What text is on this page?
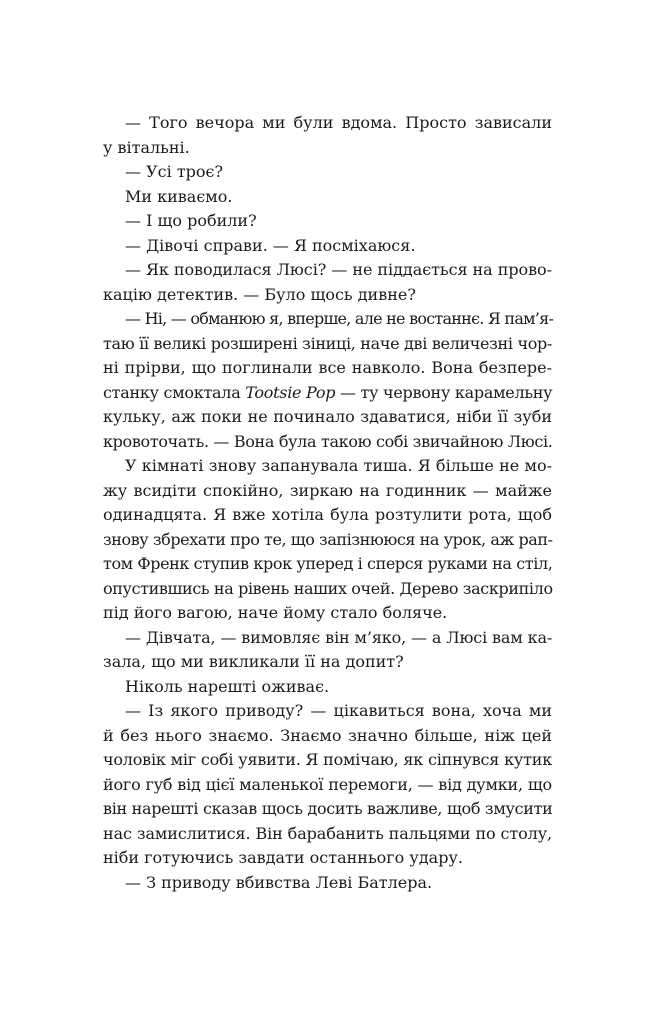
— Того вечора ми були вдома. Просто зависали
у вітальні.
— Усі троє?
Ми киваємо.
— І що робили?
— Дівочі справи. — Я посміхаюся.
— Як поводилася Люсі? — не піддається на прово-
кацію детектив. — Було щось дивне?
— Ні, — обманюю я, вперше, але не востаннє. Я пам’я-
таю її великі розширені зіниці, наче дві величезні чор-
ні прірви, що поглинали все навколо. Вона безпере-
станку смоктала Tootsie Pop — ту червону карамельну
кульку, аж поки не починало здаватися, ніби її зуби
кровоточать. — Вона була такою собі звичайною Люсі.
У кімнаті знову запанувала тиша. Я більше не мо-
жу всидіти спокійно, зиркаю на годинник — майже
одинадцята. Я вже хотіла була розтулити рота, щоб
знову збрехати про те, що запізнююся на урок, аж рап-
том Френк ступив крок уперед і сперся руками на стіл,
опустившись на рівень наших очей. Дерево заскрипіло
під його вагою, наче йому стало боляче.
— Дівчата, — вимовляє він м’яко, — а Люсі вам ка-
зала, що ми викликали її на допит?
Ніколь нарешті оживає.
— Із якого приводу? — цікавиться вона, хоча ми
й без нього знаємо. Знаємо значно більше, ніж цей
чоловік міг собі уявити. Я помічаю, як сіпнувся кутик
його губ від цієї маленької перемоги, — від думки, що
він нарешті сказав щось досить важливе, щоб змусити
нас замислитися. Він барабанить пальцями по столу,
ніби готуючись завдати останнього удару.
— З приводу вбивства Леві Батлера.
